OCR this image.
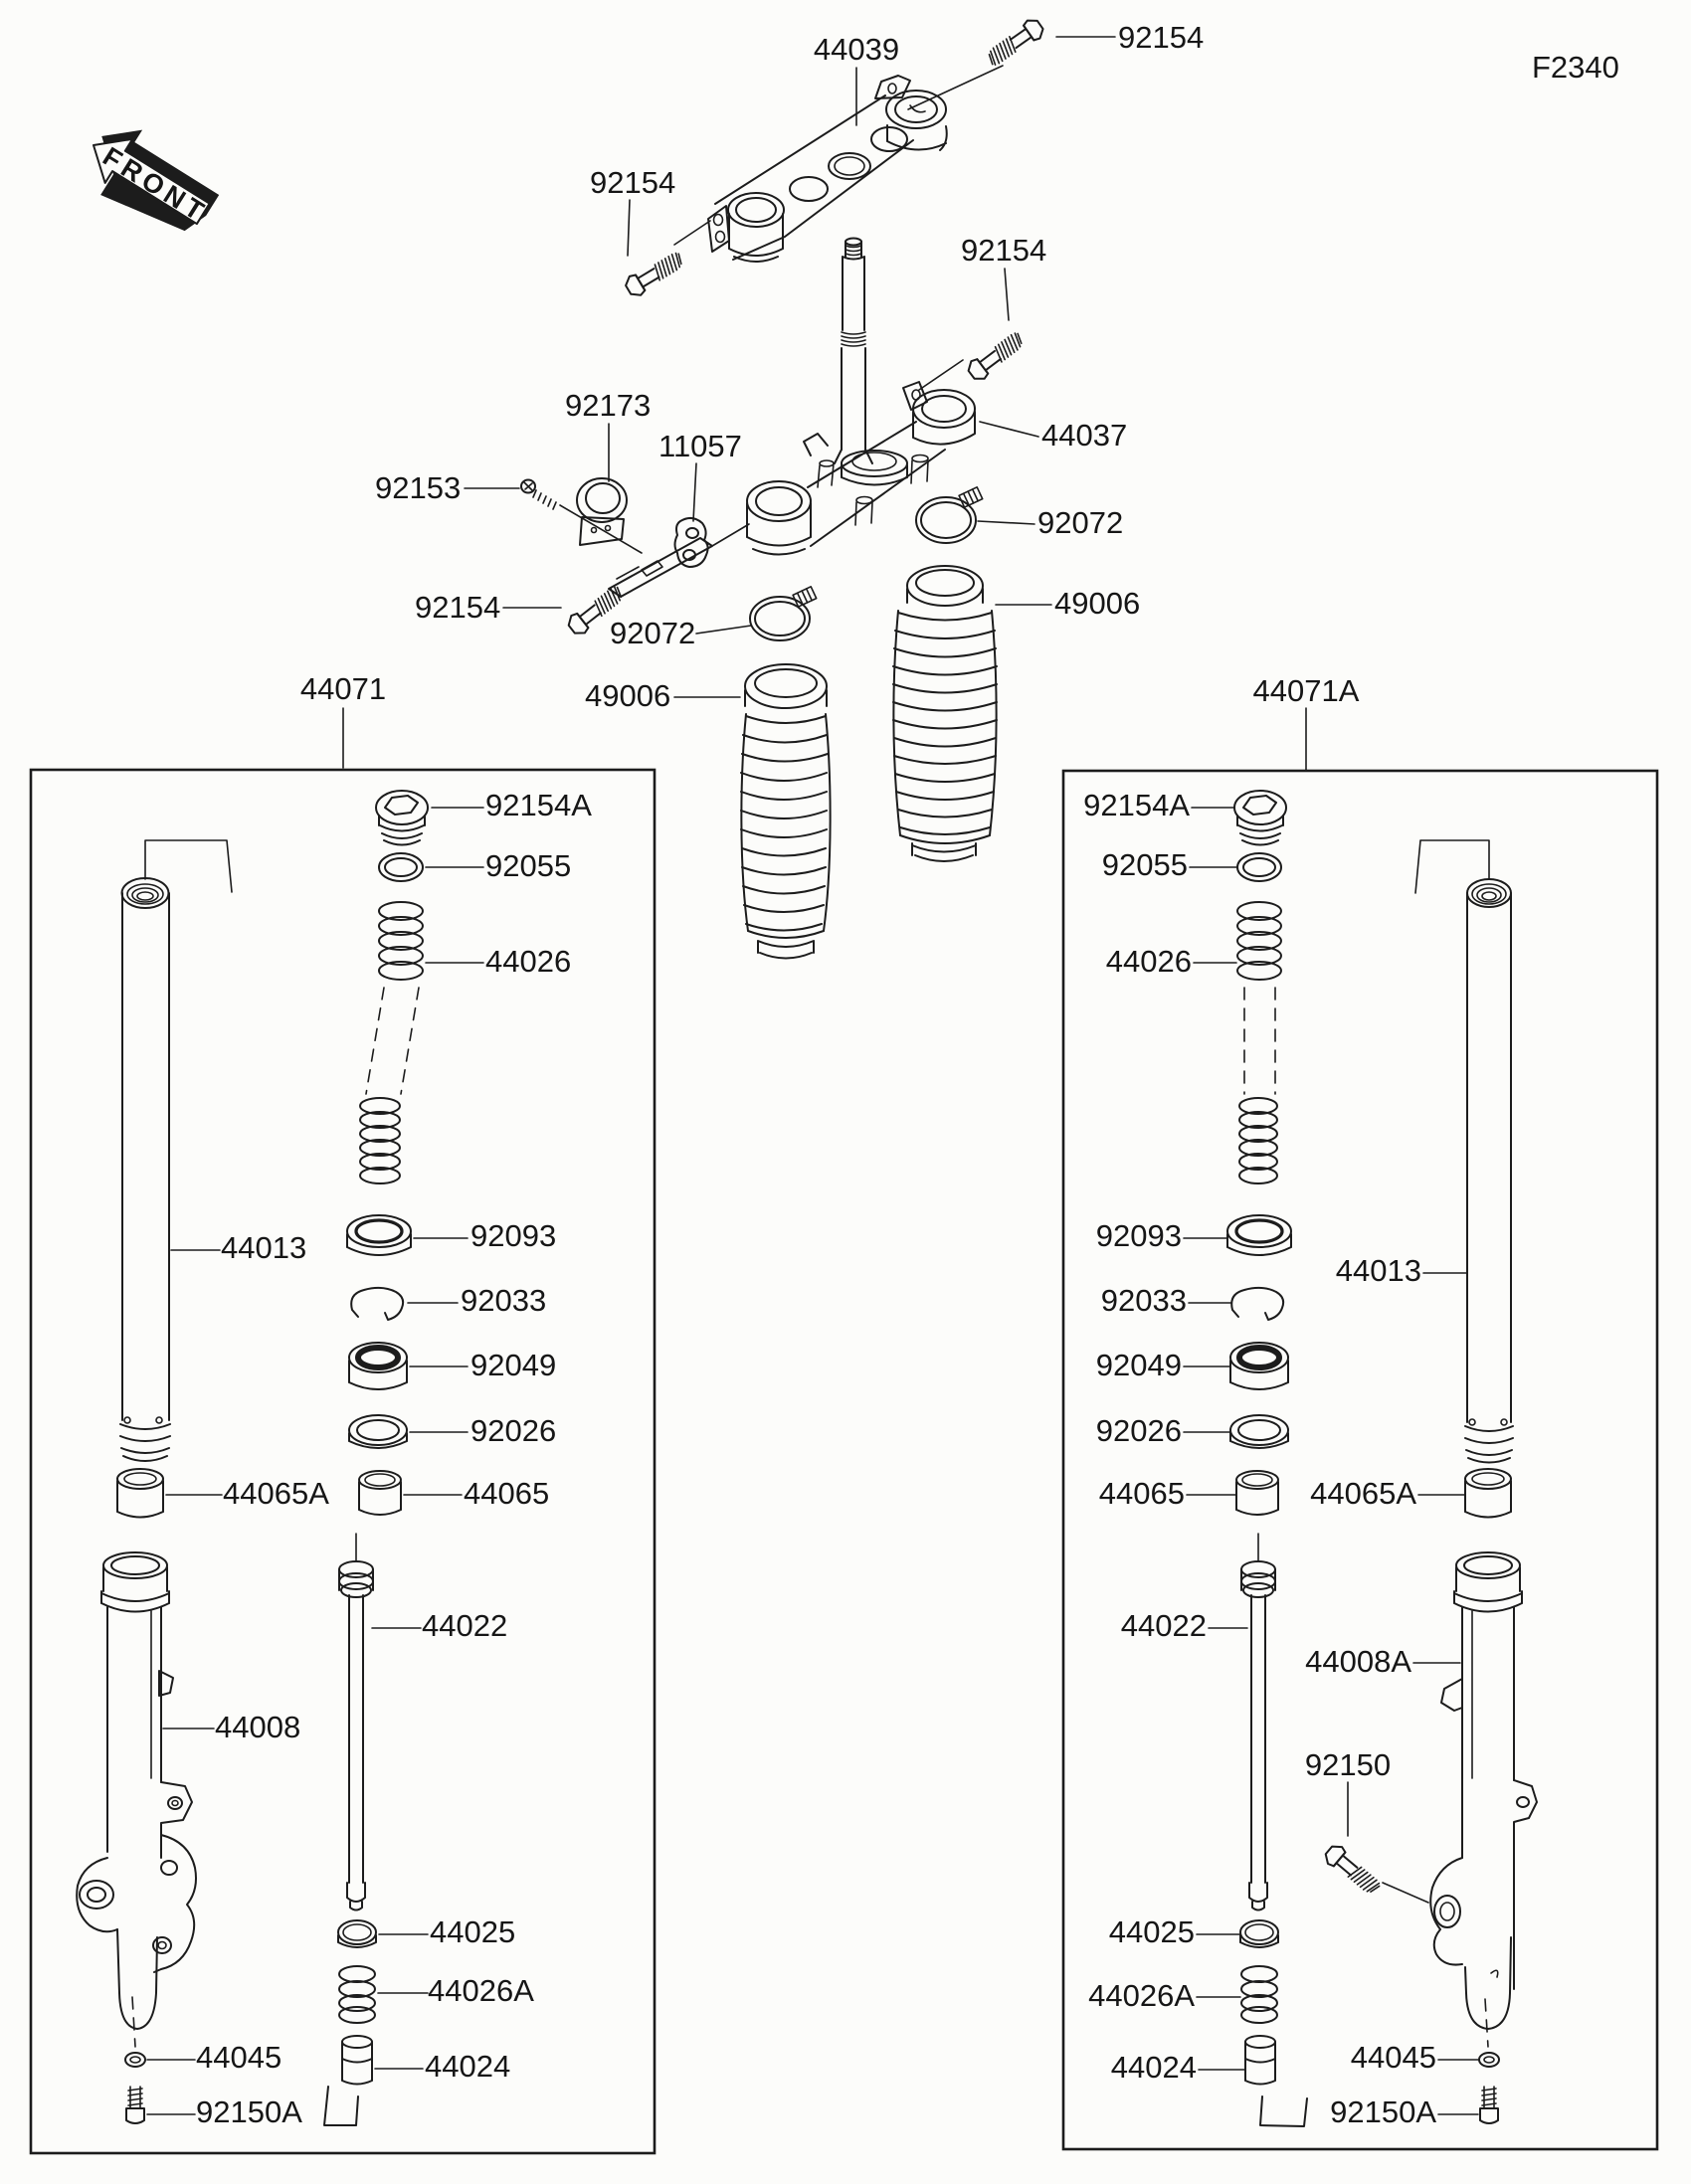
FRONT
F2340
92154
44039
92154
92154
92173
11057
92153
44037
92072
92154
92072
49006
49006
44071	44071A
92154A
92055
44026
44013	92093
92033
92049
92026
44065A	44065
44022
44008
44025
44026A
44045	44024
92150A
92154A
92055
44026
92093
92033
92049
92026
44065	44065A
44013
44022
44008A
92150
44025
44026A
44024	44045
92150A
